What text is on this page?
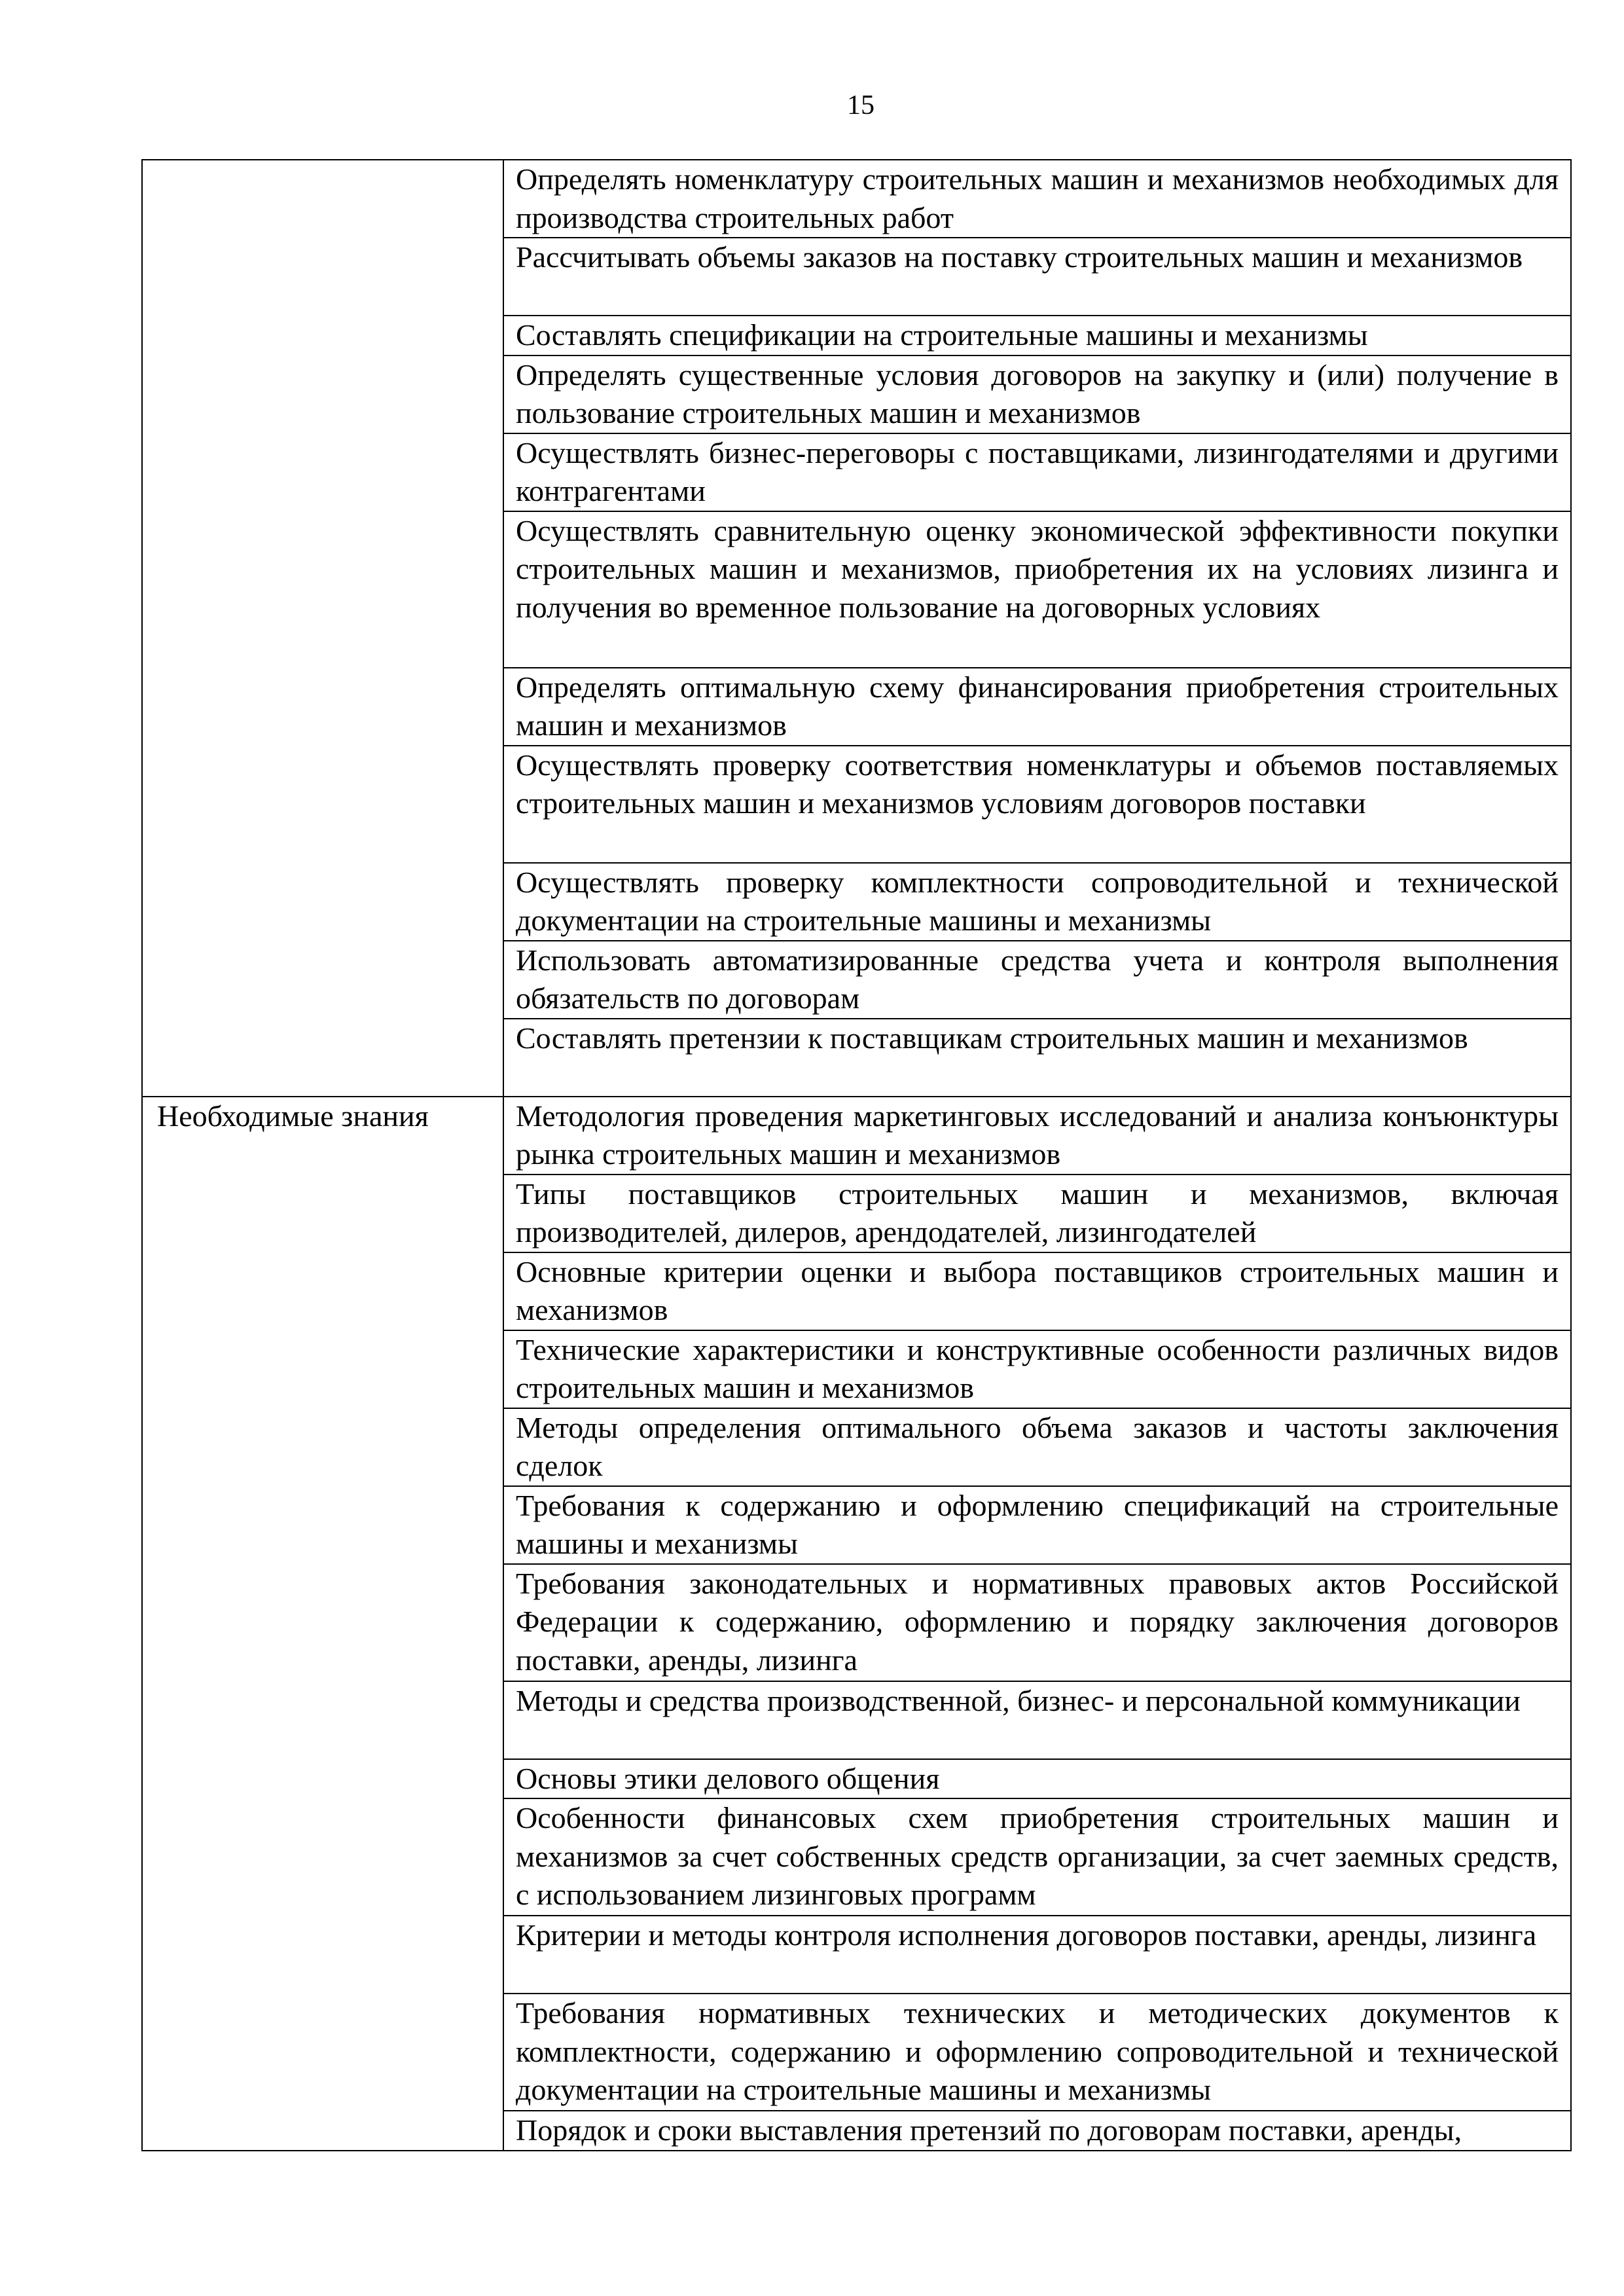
15

	Определять номенклатуру строительных машин и механизмов необходимых для производства строительных работ

	Рассчитывать объемы заказов на поставку строительных машин и механизмов

	Составлять спецификации на строительные машины и механизмы

	Определять существенные условия договоров на закупку и (или) получение в пользование строительных машин и механизмов

	Осуществлять бизнес-переговоры с поставщиками, лизингодателями и другими контрагентами

	Осуществлять сравнительную оценку экономической эффективности покупки строительных машин и механизмов, приобретения их на условиях лизинга и получения во временное пользование на договорных условиях

	Определять оптимальную схему финансирования приобретения строительных машин и механизмов

	Осуществлять проверку соответствия номенклатуры и объемов поставляемых строительных машин и механизмов условиям договоров поставки

	Осуществлять проверку комплектности сопроводительной и технической документации на строительные машины и механизмы

	Использовать автоматизированные средства учета и контроля выполнения обязательств по договорам

	Составлять претензии к поставщикам строительных машин и механизмов

Необходимые знания	Методология проведения маркетинговых исследований и анализа конъюнктуры рынка строительных машин и механизмов

	Типы поставщиков строительных машин и механизмов, включая производителей, дилеров, арендодателей, лизингодателей

	Основные критерии оценки и выбора поставщиков строительных машин и механизмов

	Технические характеристики и конструктивные особенности различных видов строительных машин и механизмов

	Методы определения оптимального объема заказов и частоты заключения сделок

	Требования к содержанию и оформлению спецификаций на строительные машины и механизмы

	Требования законодательных и нормативных правовых актов Российской Федерации к содержанию, оформлению и порядку заключения договоров поставки, аренды, лизинга

	Методы и средства производственной, бизнес- и персональной коммуникации

	Основы этики делового общения

	Особенности финансовых схем приобретения строительных машин и механизмов за счет собственных средств организации, за счет заемных средств, с использованием лизинговых программ

	Критерии и методы контроля исполнения договоров поставки, аренды, лизинга

	Требования нормативных технических и методических документов к комплектности, содержанию и оформлению сопроводительной и технической документации на строительные машины и механизмы

	Порядок и сроки выставления претензий по договорам поставки, аренды,
